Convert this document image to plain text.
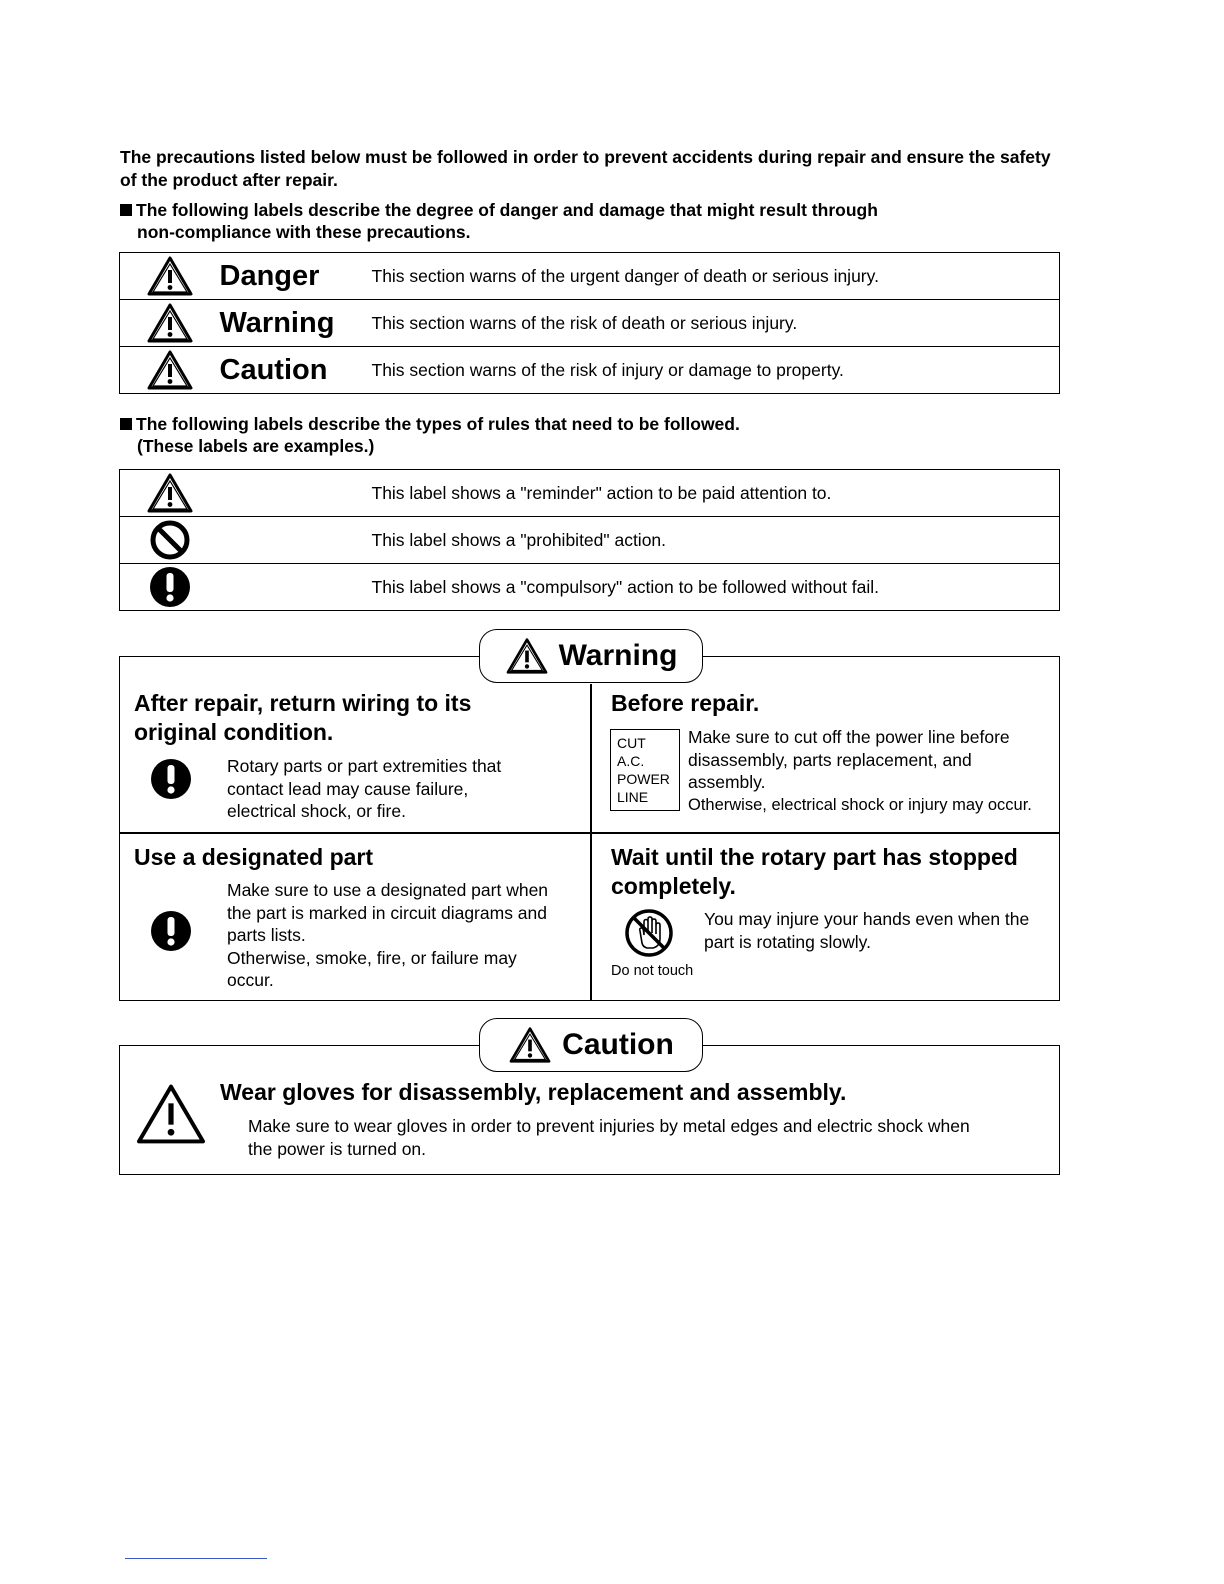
The precautions listed below must be followed in order to prevent accidents during repair and ensure the safety of the product after repair.
The following labels describe the degree of danger and damage that might result through
non-compliance with these precautions.
	Danger	This section warns of the urgent danger of death or serious injury.

	Warning	This section warns of the risk of death or serious injury.

	Caution	This section warns of the risk of injury or damage to property.
The following labels describe the types of rules that need to be followed.
(These labels are examples.)
		This label shows a "reminder" action to be paid attention to.

		This label shows a "prohibited" action.

		This label shows a "compulsory" action to be followed without fail.
Warning
After repair, return wiring to its
original condition.
Rotary parts or part extremities that
contact lead may cause failure,
electrical shock, or fire.
Before repair.
CUT
A.C.
POWER
LINE
Make sure to cut off the power line before
disassembly, parts replacement, and
assembly.
Otherwise, electrical shock or injury may occur.
Use a designated part
Make sure to use a designated part when
the part is marked in circuit diagrams and
parts lists.
Otherwise, smoke, fire, or failure may
occur.
Wait until the rotary part has stopped
completely.
Do not touch
You may injure your hands even when the
part is rotating slowly.
Caution
Wear gloves for disassembly, replacement and assembly.
Make sure to wear gloves in order to prevent injuries by metal edges and electric shock when
the power is turned on.
